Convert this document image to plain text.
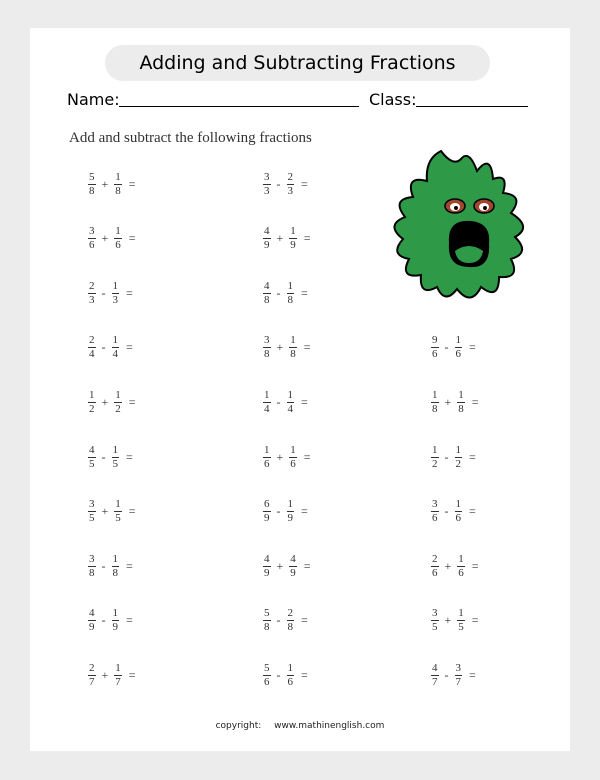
Adding and Subtracting Fractions
Name:	Class:
Add and subtract the following fractions
$\frac{5}{8} + \frac{1}{8}$ =
$\frac{3}{6} + \frac{1}{6}$ =
$\frac{2}{3} - \frac{1}{3}$ =
$\frac{2}{4} - \frac{1}{4}$ =
$\frac{1}{2} + \frac{1}{2}$ =
$\frac{4}{5} - \frac{1}{5}$ =
$\frac{3}{5} + \frac{1}{5}$ =
$\frac{3}{8} - \frac{1}{8}$ =
$\frac{4}{9} - \frac{1}{9}$ =
$\frac{2}{7} + \frac{1}{7}$ =
$\frac{3}{3} - \frac{2}{3}$ =
$\frac{4}{9} + \frac{1}{9}$ =
$\frac{4}{8} - \frac{1}{8}$ =
$\frac{3}{8} + \frac{1}{8}$ =
$\frac{1}{4} - \frac{1}{4}$ =
$\frac{1}{6} + \frac{1}{6}$ =
$\frac{6}{9} - \frac{1}{9}$ =
$\frac{4}{9} + \frac{4}{9}$ =
$\frac{5}{8} - \frac{2}{8}$ =
$\frac{5}{6} - \frac{1}{6}$ =
$\frac{9}{6} - \frac{1}{6}$ =
$\frac{1}{8} + \frac{1}{8}$ =
$\frac{1}{2} - \frac{1}{2}$ =
$\frac{3}{6} - \frac{1}{6}$ =
$\frac{2}{6} + \frac{1}{6}$ =
$\frac{3}{5} + \frac{1}{5}$ =
$\frac{4}{7} - \frac{3}{7}$ =
copyright: www.mathinenglish.com
